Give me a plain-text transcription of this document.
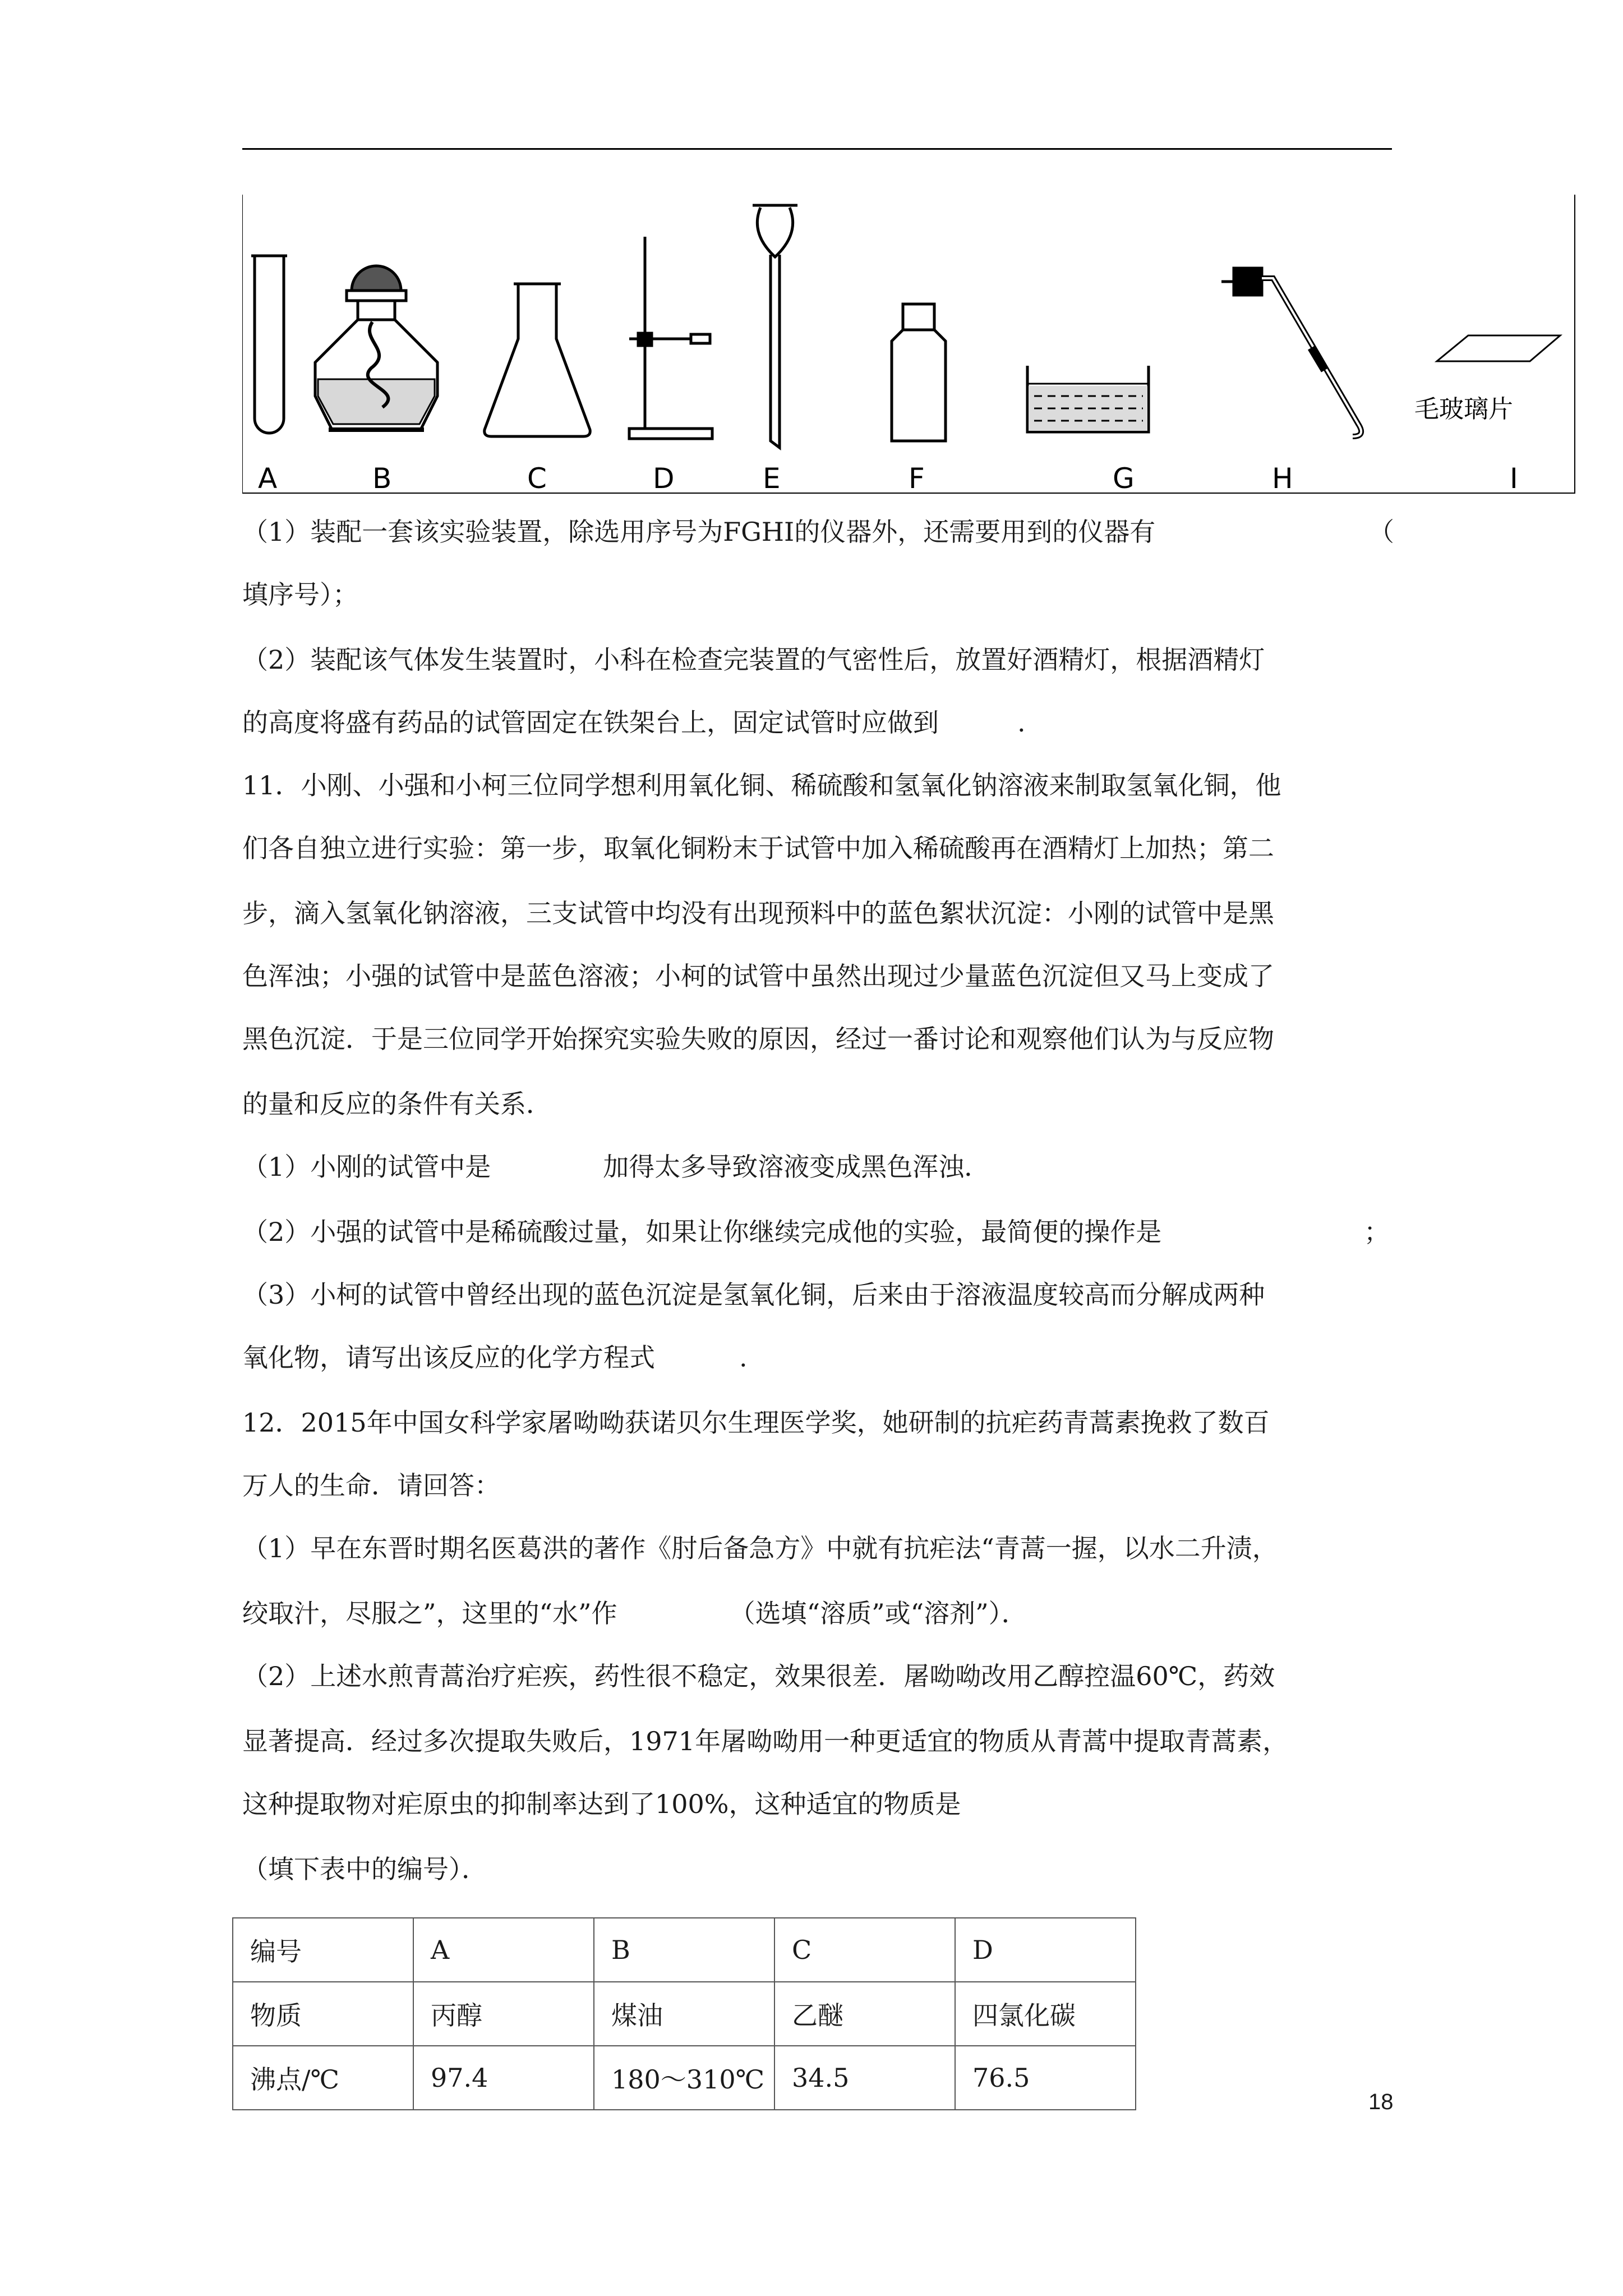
毛玻璃片
A	B	C	D	E	F	G	H	I
（1）装配一套该实验装置，除选用序号为FGHI的仪器外，还需要用到的仪器有	（
填序号）；
（2）装配该气体发生装置时，小科在检查完装置的气密性后，放置好酒精灯，根据酒精灯
的高度将盛有药品的试管固定在铁架台上，固定试管时应做到	.
11．小刚、小强和小柯三位同学想利用氧化铜、稀硫酸和氢氧化钠溶液来制取氢氧化铜，他
们各自独立进行实验：第一步，取氧化铜粉末于试管中加入稀硫酸再在酒精灯上加热；第二
步，滴入氢氧化钠溶液，三支试管中均没有出现预料中的蓝色絮状沉淀：小刚的试管中是黑
色浑浊；小强的试管中是蓝色溶液；小柯的试管中虽然出现过少量蓝色沉淀但又马上变成了
黑色沉淀．于是三位同学开始探究实验失败的原因，经过一番讨论和观察他们认为与反应物
的量和反应的条件有关系．
（1）小刚的试管中是	加得太多导致溶液变成黑色浑浊．
（2）小强的试管中是稀硫酸过量，如果让你继续完成他的实验，最简便的操作是	；
（3）小柯的试管中曾经出现的蓝色沉淀是氢氧化铜，后来由于溶液温度较高而分解成两种
氧化物，请写出该反应的化学方程式	.
12．2015年中国女科学家屠呦呦获诺贝尔生理医学奖，她研制的抗疟药青蒿素挽救了数百
万人的生命．请回答：
（1）早在东晋时期名医葛洪的著作《肘后备急方》中就有抗疟法“青蒿一握，以水二升渍，
绞取汁，尽服之”，这里的“水”作	（选填“溶质”或“溶剂”）．
（2）上述水煎青蒿治疗疟疾，药性很不稳定，效果很差．屠呦呦改用乙醇控温60℃，药效
显著提高．经过多次提取失败后，1971年屠呦呦用一种更适宜的物质从青蒿中提取青蒿素，
这种提取物对疟原虫的抑制率达到了100%，这种适宜的物质是
（填下表中的编号）．
编号	A	B	C	D
物质	丙醇	煤油	乙醚	四氯化碳
沸点/℃	97.4	180～310℃	34.5	76.5
18
